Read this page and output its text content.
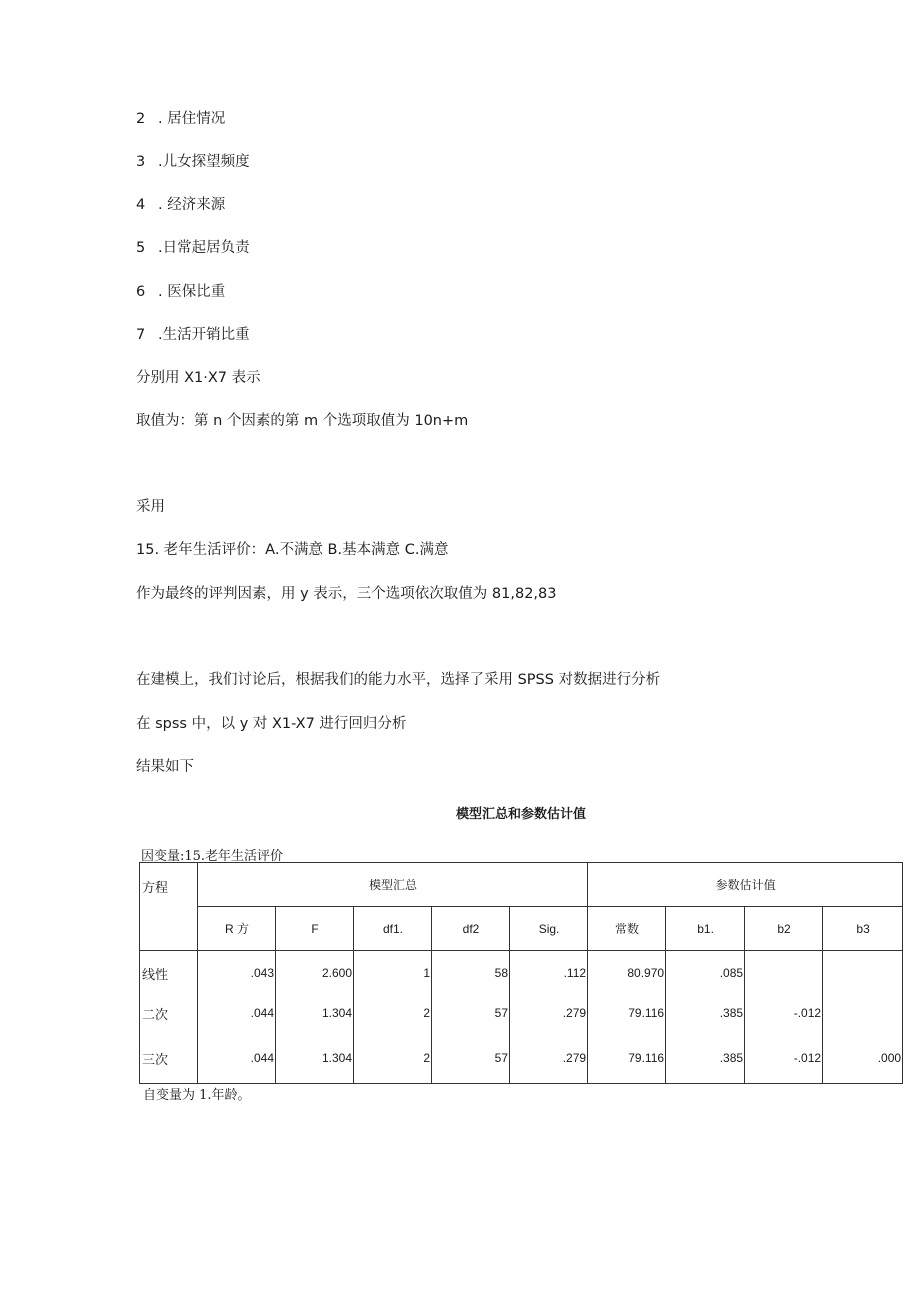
2 . 居住情况
3 .儿女探望频度
4 . 经济来源
5 .日常起居负责
6 . 医保比重
7 .生活开销比重
分别用 X1·X7 表示
取值为：第 n 个因素的第 m 个选项取值为 10n+m
采用
15. 老年生活评价：A.不满意 B.基本满意 C.满意
作为最终的评判因素，用 y 表示，三个选项依次取值为 81,82,83
在建模上，我们讨论后，根据我们的能力水平，选择了采用 SPSS 对数据进行分析
在 spss 中，以 y 对 X1-X7 进行回归分析
结果如下
模型汇总和参数估计值
因变量:15.老年生活评价
方程	模型汇总					参数估计值			
	R 方	F	df1.	df2	Sig.	常数	b1.	b2	b3
线性	.043	2.600	1	58	.112	80.970	.085		
二次	.044	1.304	2	57	.279	79.116	.385	-.012	
三次	.044	1.304	2	57	.279	79.116	.385	-.012	.000
自变量为 1.年龄。
